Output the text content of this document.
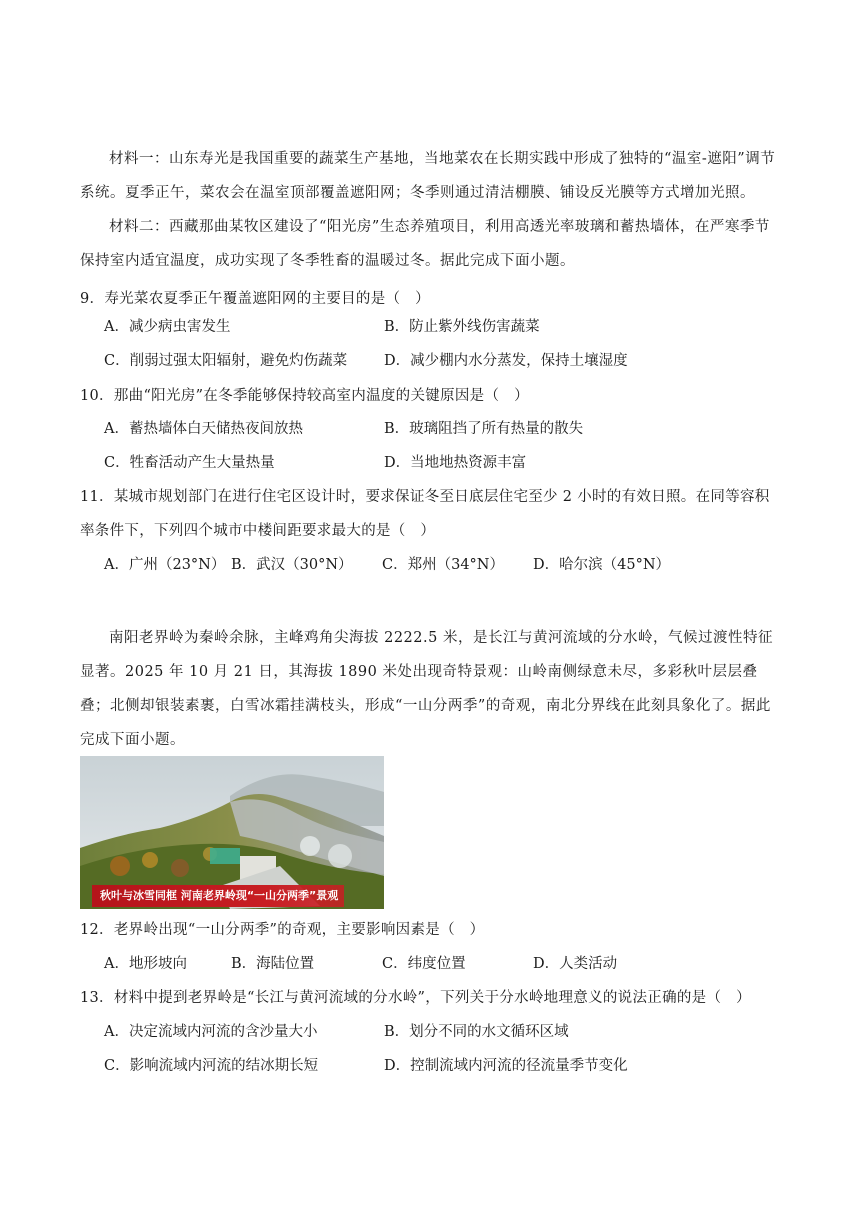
材料一：山东寿光是我国重要的蔬菜生产基地，当地菜农在长期实践中形成了独特的“温室-遮阳”调节系统。夏季正午，菜农会在温室顶部覆盖遮阳网；冬季则通过清洁棚膜、铺设反光膜等方式增加光照。

材料二：西藏那曲某牧区建设了“阳光房”生态养殖项目，利用高透光率玻璃和蓄热墙体，在严寒季节保持室内适宜温度，成功实现了冬季牲畜的温暖过冬。据此完成下面小题。

9．寿光菜农夏季正午覆盖遮阳网的主要目的是（　）

A．减少病虫害发生	B．防止紫外线伤害蔬菜
C．削弱过强太阳辐射，避免灼伤蔬菜	D．减少棚内水分蒸发，保持土壤湿度

10．那曲“阳光房”在冬季能够保持较高室内温度的关键原因是（　）

A．蓄热墙体白天储热夜间放热	B．玻璃阻挡了所有热量的散失
C．牲畜活动产生大量热量	D．当地地热资源丰富

11．某城市规划部门在进行住宅区设计时，要求保证冬至日底层住宅至少 2 小时的有效日照。在同等容积率条件下，下列四个城市中楼间距要求最大的是（　）

A．广州（23°N） B．武汉（30°N） C．郑州（34°N） D．哈尔滨（45°N）

南阳老界岭为秦岭余脉，主峰鸡角尖海拔 2222.5 米，是长江与黄河流域的分水岭，气候过渡性特征显著。2025 年 10 月 21 日，其海拔 1890 米处出现奇特景观：山岭南侧绿意未尽，多彩秋叶层层叠叠；北侧却银装素裹，白雪冰霜挂满枝头，形成“一山分两季”的奇观，南北分界线在此刻具象化了。据此完成下面小题。

秋叶与冰雪同框 河南老界岭现“一山分两季”景观

12．老界岭出现“一山分两季”的奇观，主要影响因素是（　）

A．地形坡向	B．海陆位置	C．纬度位置	D．人类活动

13．材料中提到老界岭是“长江与黄河流域的分水岭”，下列关于分水岭地理意义的说法正确的是（　）

A．决定流域内河流的含沙量大小	B．划分不同的水文循环区域
C．影响流域内河流的结冰期长短	D．控制流域内河流的径流量季节变化
